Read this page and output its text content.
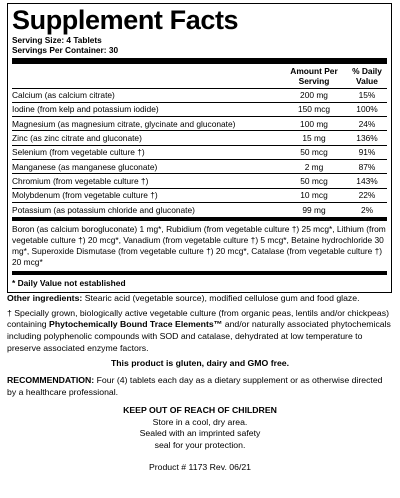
Supplement Facts
Serving Size: 4 Tablets
Servings Per Container: 30
Amount Per
Serving
% Daily
Value
Calcium (as calcium citrate)	200 mg	15%
Iodine (from kelp and potassium iodide)	150 mcg	100%
Magnesium (as magnesium citrate, glycinate and gluconate)	100 mg	24%
Zinc (as zinc citrate and gluconate)	15 mg	136%
Selenium (from vegetable culture †)	50 mcg	91%
Manganese (as manganese gluconate)	2 mg	87%
Chromium (from vegetable culture †)	50 mcg	143%
Molybdenum (from vegetable culture †)	10 mcg	22%
Potassium (as potassium chloride and gluconate)	99 mg	2%
Boron (as calcium borogluconate) 1 mg*, Rubidium (from vegetable culture †) 25 mcg*, Lithium (from vegetable culture †) 20 mcg*, Vanadium (from vegetable culture †) 5 mcg*, Betaine hydrochloride 30 mg*, Superoxide Dismutase (from vegetable culture †) 20 mcg*, Catalase (from vegetable culture †) 20 mcg*
* Daily Value not established

Other ingredients: Stearic acid (vegetable source), modified cellulose gum and food glaze.

† Specially grown, biologically active vegetable culture (from organic peas, lentils and/or chickpeas) containing Phytochemically Bound Trace Elements™ and/or naturally associated phytochemicals including polyphenolic compounds with SOD and catalase, dehydrated at low temperature to preserve associated enzyme factors.

This product is gluten, dairy and GMO free.

RECOMMENDATION: Four (4) tablets each day as a dietary supplement or as otherwise directed by a healthcare professional.

KEEP OUT OF REACH OF CHILDREN
Store in a cool, dry area.
Sealed with an imprinted safety
seal for your protection.
Product # 1173 Rev. 06/21
